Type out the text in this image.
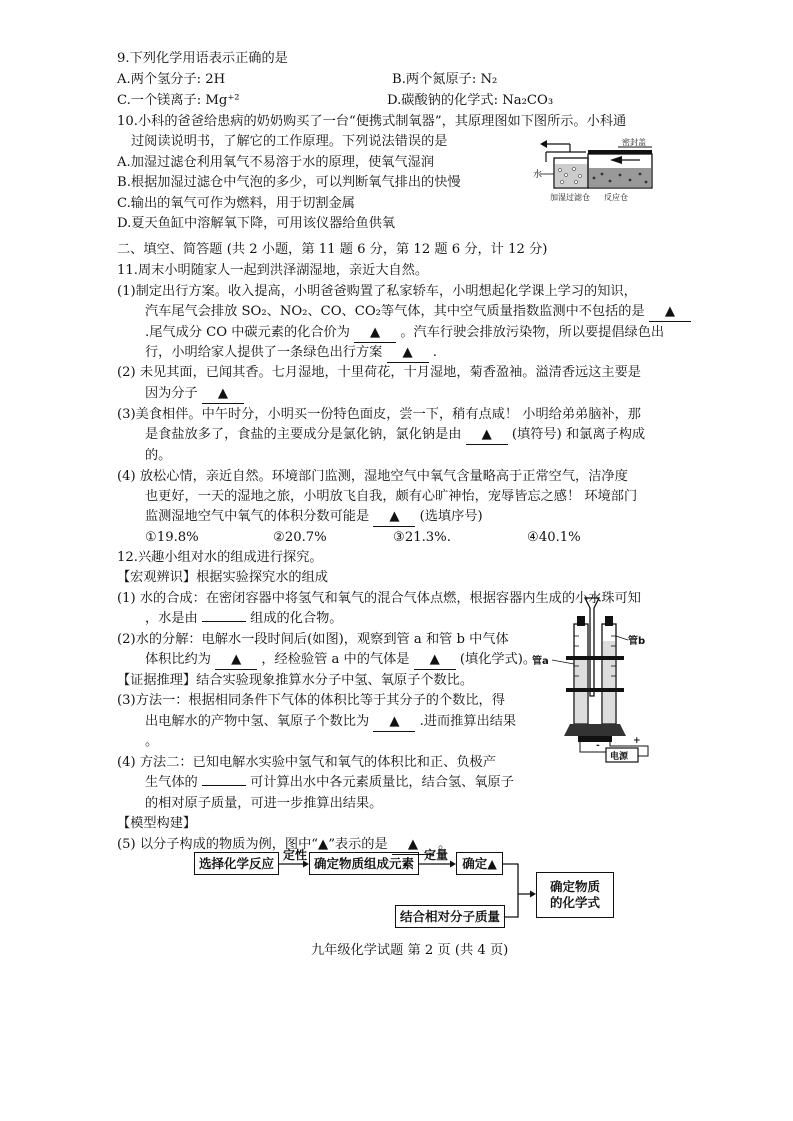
9.下列化学用语表示正确的是
A.两个氢分子: 2H	B.两个氮原子: N₂
C.一个镁离子: Mg⁺²	D.碳酸钠的化学式: Na₂CO₃
10.小科的爸爸给患病的奶奶购买了一台“便携式制氧器”，其原理图如下图所示。小科通
过阅读说明书，了解它的工作原理。下列说法错误的是
A.加湿过滤仓利用氧气不易溶于水的原理，使氧气湿润
B.根据加湿过滤仓中气泡的多少，可以判断氧气排出的快慢
C.输出的氧气可作为燃料，用于切割金属
D.夏天鱼缸中溶解氧下降，可用该仪器给鱼供氧
密封盖
水
加湿过滤仓 反应仓
二、填空、简答题 (共 2 小题，第 11 题 6 分，第 12 题 6 分，计 12 分)
11.周末小明随家人一起到洪泽湖湿地，亲近大自然。
(1)制定出行方案。收入提高，小明爸爸购置了私家轿车，小明想起化学课上学习的知识，
汽车尾气会排放 SO₂、NO₂、CO、CO₂等气体，其中空气质量指数监测中不包括的是 ▲
.尾气成分 CO 中碳元素的化合价为 ▲ 。汽车行驶会排放污染物，所以要提倡绿色出
行，小明给家人提供了一条绿色出行方案 ▲ .
(2) 未见其面，已闻其香。七月湿地，十里荷花，十月湿地，菊香盈袖。溢清香远这主要是
因为分子 ▲
(3)美食相伴。中午时分，小明买一份特色面皮，尝一下，稍有点咸！ 小明给弟弟脑补，那
是食盐放多了，食盐的主要成分是氯化钠，氯化钠是由 ▲ (填符号) 和氯离子构成
的。
(4) 放松心情，亲近自然。环境部门监测，湿地空气中氧气含量略高于正常空气，洁净度
也更好，一天的湿地之旅，小明放飞自我，颇有心旷神怡，宠辱皆忘之感！ 环境部门
监测湿地空气中氧气的体积分数可能是 ▲ (选填序号)
①19.8%	②20.7%	③21.3%.	④40.1%
12.兴趣小组对水的组成进行探究。
【宏观辨识】根据实验探究水的组成
(1) 水的合成：在密闭容器中将氢气和氧气的混合气体点燃，根据容器内生成的小水珠可知
，水是由	组成的化合物。
(2)水的分解：电解水一段时间后(如图)，观察到管 a 和管 b 中气体
体积比约为 ▲ ，经检验管 a 中的气体是 ▲ (填化学式)。
【证据推理】结合实验现象推算水分子中氢、氧原子个数比。
(3)方法一：根据相同条件下气体的体积比等于其分子的个数比，得
出电解水的产物中氢、氧原子个数比为 ▲ .进而推算出结果
。
(4) 方法二：已知电解水实验中氢气和氧气的体积比和正、负极产
生气体的	可计算出水中各元素质量比，结合氢、氧原子
的相对原子质量，可进一步推算出结果。
【模型构建】
(5) 以分子构成的物质为例，图中“▲”表示的是 ▲ 。
管a
管b
-	+
电源
选择化学反应	确定物质组成元素	确定▲
确定物质
的化学式
结合相对分子质量
定性	定量
九年级化学试题 第 2 页 (共 4 页)
